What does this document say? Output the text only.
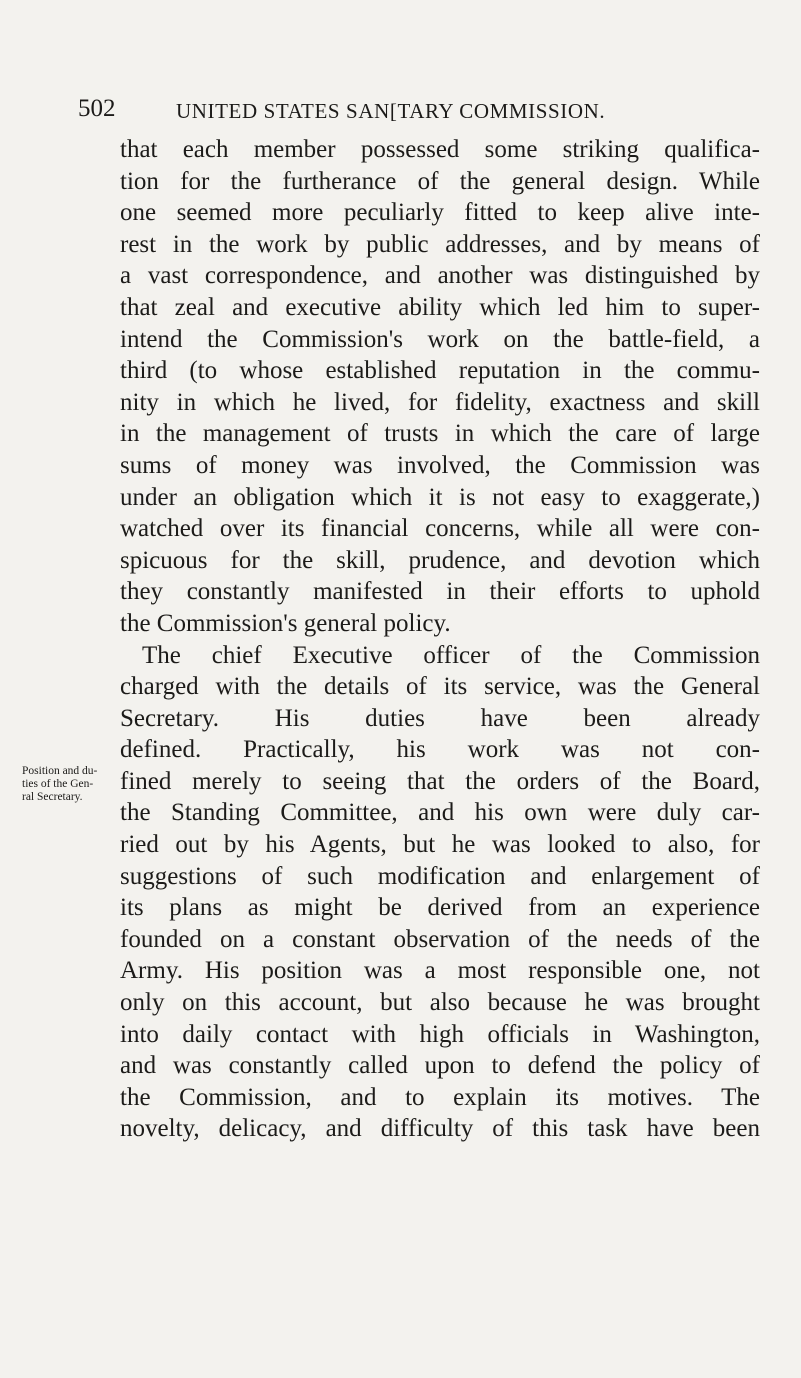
502	UNITED STATES SAN[TARY COMMISSION.
Position and du-
ties of the Gen-
ral Secretary.
that each member possessed some striking qualifica-
tion for the furtherance of the general design. While
one seemed more peculiarly fitted to keep alive inte-
rest in the work by public addresses, and by means of
a vast correspondence, and another was distinguished by
that zeal and executive ability which led him to super-
intend the Commission's work on the battle-field, a
third (to whose established reputation in the commu-
nity in which he lived, for fidelity, exactness and skill
in the management of trusts in which the care of large
sums of money was involved, the Commission was
under an obligation which it is not easy to exaggerate,)
watched over its financial concerns, while all were con-
spicuous for the skill, prudence, and devotion which
they constantly manifested in their efforts to uphold
the Commission's general policy.
The chief Executive officer of the Commission
charged with the details of its service, was the General
Secretary. His duties have been already
defined. Practically, his work was not con-
fined merely to seeing that the orders of the Board,
the Standing Committee, and his own were duly car-
ried out by his Agents, but he was looked to also, for
suggestions of such modification and enlargement of
its plans as might be derived from an experience
founded on a constant observation of the needs of the
Army. His position was a most responsible one, not
only on this account, but also because he was brought
into daily contact with high officials in Washington,
and was constantly called upon to defend the policy of
the Commission, and to explain its motives. The
novelty, delicacy, and difficulty of this task have been
